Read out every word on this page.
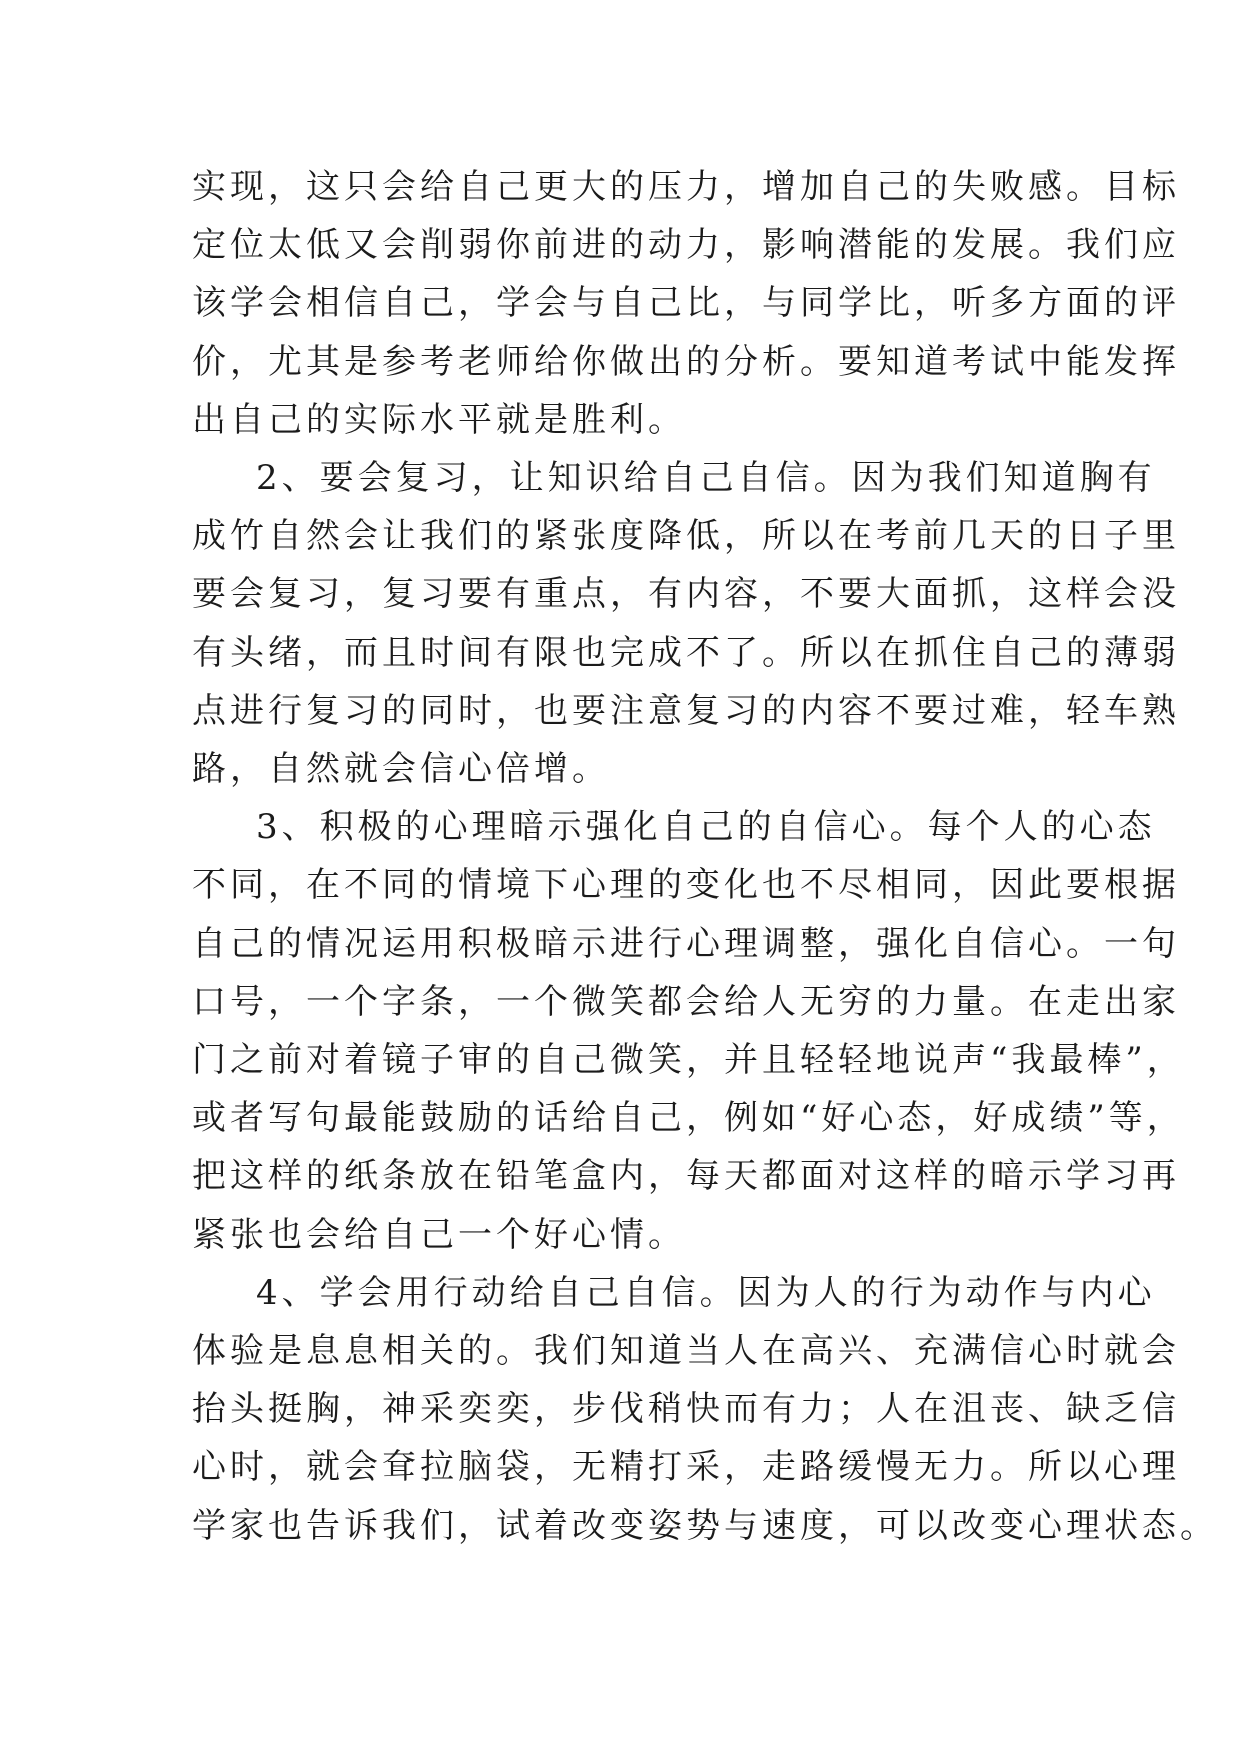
实现，这只会给自己更大的压力，增加自己的失败感。目标

定位太低又会削弱你前进的动力，影响潜能的发展。我们应

该学会相信自己，学会与自己比，与同学比，听多方面的评

价，尤其是参考老师给你做出的分析。要知道考试中能发挥

出自己的实际水平就是胜利。

2、要会复习，让知识给自己自信。因为我们知道胸有

成竹自然会让我们的紧张度降低，所以在考前几天的日子里

要会复习，复习要有重点，有内容，不要大面抓，这样会没

有头绪，而且时间有限也完成不了。所以在抓住自己的薄弱

点进行复习的同时，也要注意复习的内容不要过难，轻车熟

路，自然就会信心倍增。

3、积极的心理暗示强化自己的自信心。每个人的心态

不同，在不同的情境下心理的变化也不尽相同，因此要根据

自己的情况运用积极暗示进行心理调整，强化自信心。一句

口号，一个字条，一个微笑都会给人无穷的力量。在走出家

门之前对着镜子审的自己微笑，并且轻轻地说声“我最棒”，

或者写句最能鼓励的话给自己，例如“好心态，好成绩”等，

把这样的纸条放在铅笔盒内，每天都面对这样的暗示学习再

紧张也会给自己一个好心情。

4、学会用行动给自己自信。因为人的行为动作与内心

体验是息息相关的。我们知道当人在高兴、充满信心时就会

抬头挺胸，神采奕奕，步伐稍快而有力；人在沮丧、缺乏信

心时，就会耷拉脑袋，无精打采，走路缓慢无力。所以心理

学家也告诉我们，试着改变姿势与速度，可以改变心理状态。
